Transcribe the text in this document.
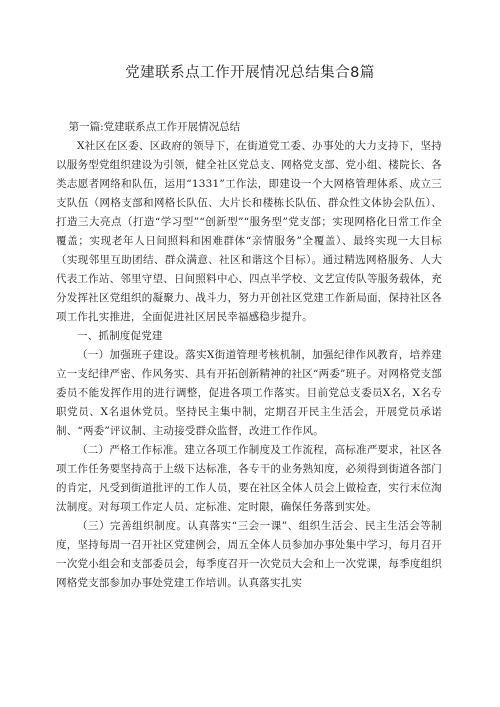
党建联系点工作开展情况总结集合8篇

第一篇:党建联系点工作开展情况总结

X社区在区委、区政府的领导下，在街道党工委、办事处的大力支持下，坚持以服务型党组织建设为引领，健全社区党总支、网格党支部、党小组、楼院长、各类志愿者网络和队伍，运用“1331”工作法，即建设一个大网格管理体系、成立三支队伍（网格支部和网格长队伍、大片长和楼栋长队伍、群众性文体协会队伍）、打造三大亮点（打造“学习型”“创新型”“服务型”党支部；实现网格化日常工作全覆盖；实现老年人日间照料和困难群体“亲情服务”全覆盖）、最终实现一大目标（实现邻里互助团结、群众满意、社区和谐这个目标）。通过精选网格服务、人大代表工作站、邻里守望、日间照料中心、四点半学校、文艺宣传队等服务载体，充分发挥社区党组织的凝聚力、战斗力，努力开创社区党建工作新局面，保持社区各项工作扎实推进，全面促进社区居民幸福感稳步提升。

一、抓制度促党建

（一）加强班子建设。落实X街道管理考核机制，加强纪律作风教育，培养建立一支纪律严密、作风务实、具有开拓创新精神的社区“两委”班子。对网格党支部委员不能发挥作用的进行调整，促进各项工作落实。目前党总支委员X名，X名专职党员、X名退休党员。坚持民主集中制，定期召开民主生活会，开展党员承诺制、“两委”评议制、主动接受群众监督，改进工作作风。

（二）严格工作标准。建立各项工作制度及工作流程，高标准严要求，社区各项工作任务要坚持高于上级下达标准，各专干的业务熟知度，必须得到街道各部门的肯定，凡受到街道批评的工作人员，要在社区全体人员会上做检查，实行末位淘汰制度。对每项工作定人员、定标准、定时限，确保任务落到实处。

（三）完善组织制度。认真落实“三会一课”、组织生活会、民主生活会等制度，坚持每周一召开社区党建例会，周五全体人员参加办事处集中学习，每月召开一次党小组会和支部委员会，每季度召开一次党员大会和上一次党课，每季度组织网格党支部参加办事处党建工作培训。认真落实扎实
